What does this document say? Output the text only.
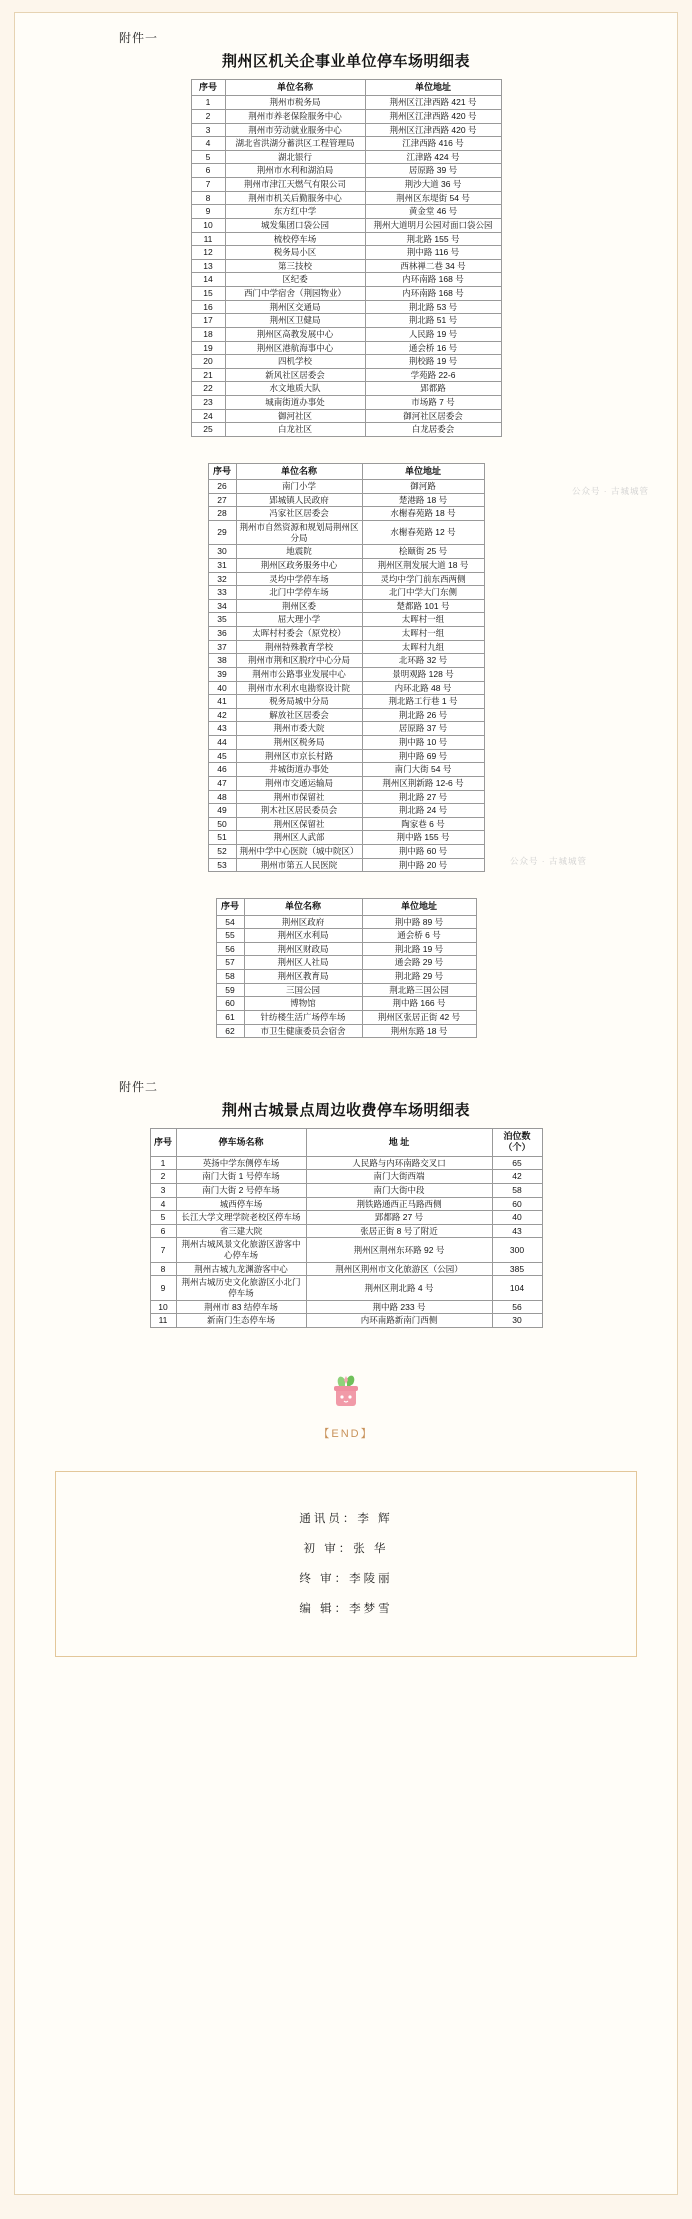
附件一
荆州区机关企事业单位停车场明细表
序号	单位名称	单位地址
1	荆州市税务局	荆州区江津西路 421 号
2	荆州市养老保险服务中心	荆州区江津西路 420 号
3	荆州市劳动就业服务中心	荆州区江津西路 420 号
4	湖北省洪湖分蓄洪区工程管理局	江津西路 416 号
5	湖北银行	江津路 424 号
6	荆州市水利和湖泊局	居原路 39 号
7	荆州市津江天燃气有限公司	荆沙大道 36 号
8	荆州市机关后勤服务中心	荆州区东堤街 54 号
9	东方红中学	黄金堂 46 号
10	城发集团口袋公园	荆州大道明月公园对面口袋公园
11	梳校停车场	荆北路 155 号
12	税务局小区	荆中路 116 号
13	第三技校	西林禅二巷 34 号
14	区纪委	内环南路 168 号
15	西门中学宿舍（荆园物业）	内环南路 168 号
16	荆州区交通局	荆北路 53 号
17	荆州区卫健局	荆北路 51 号
18	荆州区高教发展中心	人民路 19 号
19	荆州区港航海事中心	通会桥 16 号
20	四机学校	荆校路 19 号
21	新风社区居委会	学苑路 22-6
22	水文地质大队	郢都路
23	城南街道办事处	市场路 7 号
24	御河社区	御河社区居委会
25	白龙社区	白龙居委会
序号	单位名称	单位地址
26	南门小学	御河路
27	郢城镇人民政府	楚港路 18 号
28	冯家社区居委会	水榭春苑路 18 号
29	荆州市自然资源和规划局荆州区分局	水榭春苑路 12 号
30	地震院	桧颐街 25 号
31	荆州区政务服务中心	荆州区荆发展大道 18 号
32	灵均中学停车场	灵均中学门前东西两侧
33	北门中学停车场	北门中学大门东侧
34	荆州区委	楚都路 101 号
35	屈大理小学	太晖村一组
36	太晖村村委会（原党校）	太晖村一组
37	荆州特殊教育学校	太晖村九组
38	荆州市荆和区脱疗中心分局	北环路 32 号
39	荆州市公路事业发展中心	景明观路 128 号
40	荆州市水利水电勘察设计院	内环北路 48 号
41	税务局城中分局	荆北路工行巷 1 号
42	解放社区居委会	荆北路 26 号
43	荆州市委大院	居原路 37 号
44	荆州区税务局	荆中路 10 号
45	荆州区市京长村路	荆中路 69 号
46	井城街道办事处	南门大街 54 号
47	荆州市交通运输局	荆州区荆新路 12-6 号
48	荆州市保留社	荆北路 27 号
49	荆木社区居民委员会	荆北路 24 号
50	荆州区保留社	陶家巷 6 号
51	荆州区人武部	荆中路 155 号
52	荆州中学中心医院（城中院区）	荆中路 60 号
53	荆州市第五人民医院	荆中路 20 号
序号	单位名称	单位地址
54	荆州区政府	荆中路 89 号
55	荆州区水利局	通会桥 6 号
56	荆州区财政局	荆北路 19 号
57	荆州区人社局	通会路 29 号
58	荆州区教育局	荆北路 29 号
59	三国公园	荆北路三国公园
60	博物馆	荆中路 166 号
61	针纺楼生活广场停车场	荆州区张居正街 42 号
62	市卫生健康委员会宿舍	荆州东路 18 号
附件二
荆州古城景点周边收费停车场明细表
序号	停车场名称	地 址	泊位数（个）
1	英扬中学东侧停车场	人民路与内环南路交叉口	65
2	南门大街 1 号停车场	南门大街西端	42
3	南门大街 2 号停车场	南门大街中段	58
4	城西停车场	荆铁路通西正马路西侧	60
5	长江大学文理学院老校区停车场	郢都路 27 号	40
6	省三建大院	张居正街 8 号了附近	43
7	荆州古城风景文化旅游区游客中心停车场	荆州区荆州东环路 92 号	300
8	荆州古城九龙渊游客中心	荆州区荆州市文化旅游区（公园）	385
9	荆州古城历史文化旅游区小北门停车场	荆州区荆北路 4 号	104
10	荆州市 83 结停车场	荆中路 233 号	56
11	新南门生态停车场	内环南路新南门西侧	30
公众号 · 古城城管
公众号 · 古城城管
【END】
通讯员：李 辉
初 审：张 华
终 审：李陵丽
编 辑：李梦雪
